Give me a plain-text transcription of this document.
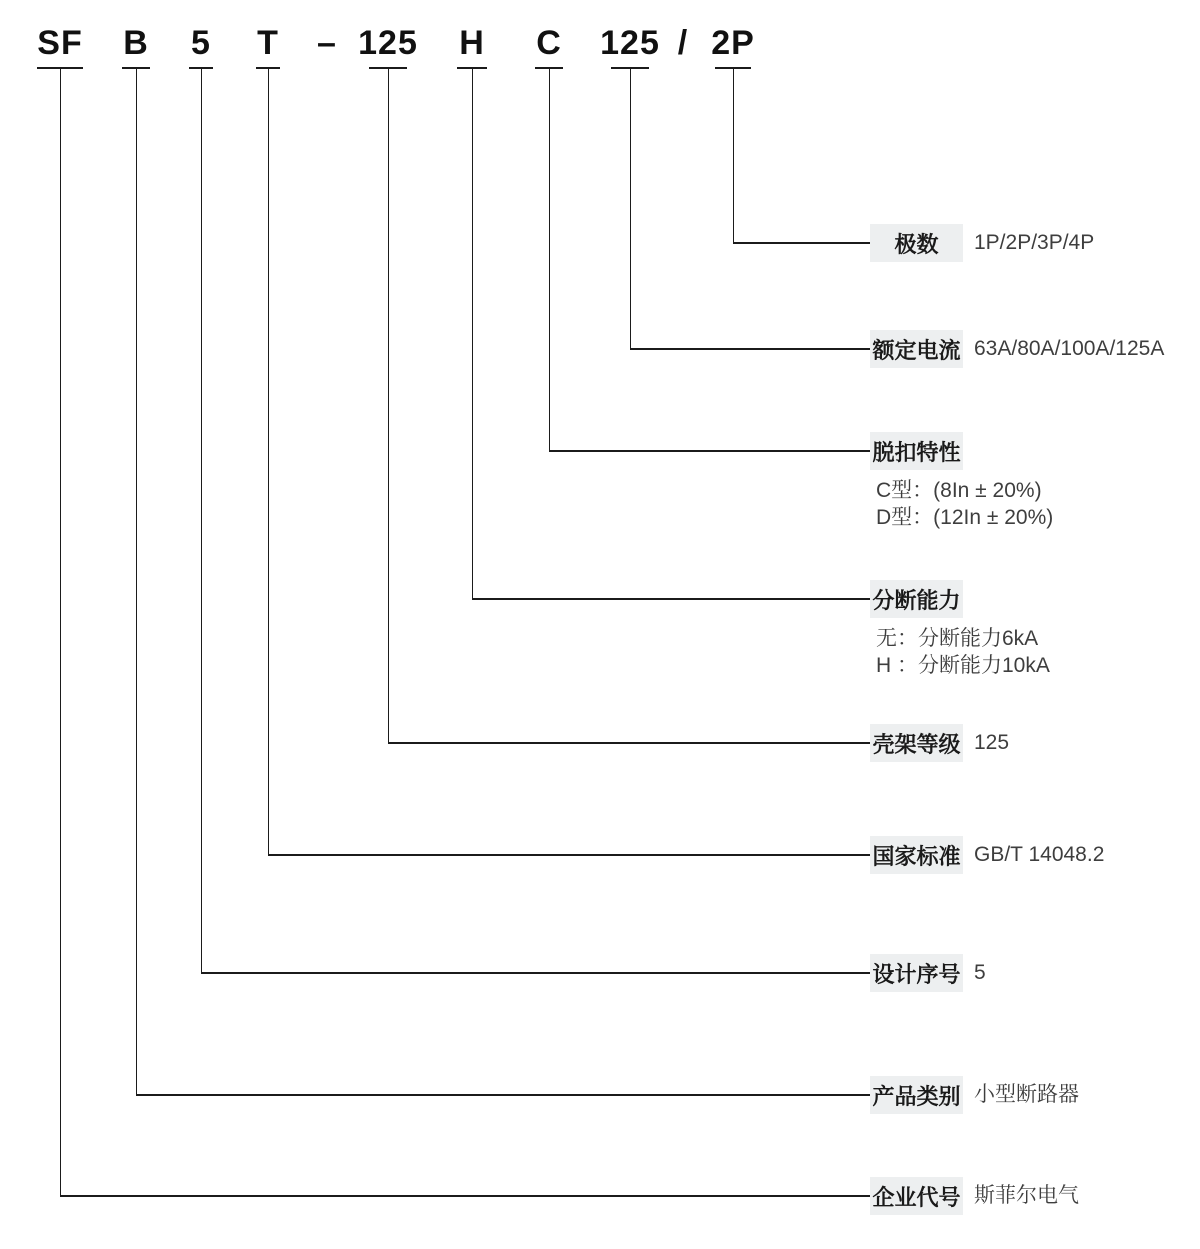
SF B 5 T – 125 H C 125 / 2P
极数	1P/2P/3P/4P
额定电流 63A/80A/100A/125A
脱扣特性
C型：(8In ± 20%)
D型：(12In ± 20%)
分断能力
无：分断能力6kA
H ：分断能力10kA
壳架等级 125
国家标准 GB/T 14048.2
设计序号 5
产品类别 小型断路器
企业代号 斯菲尔电气
